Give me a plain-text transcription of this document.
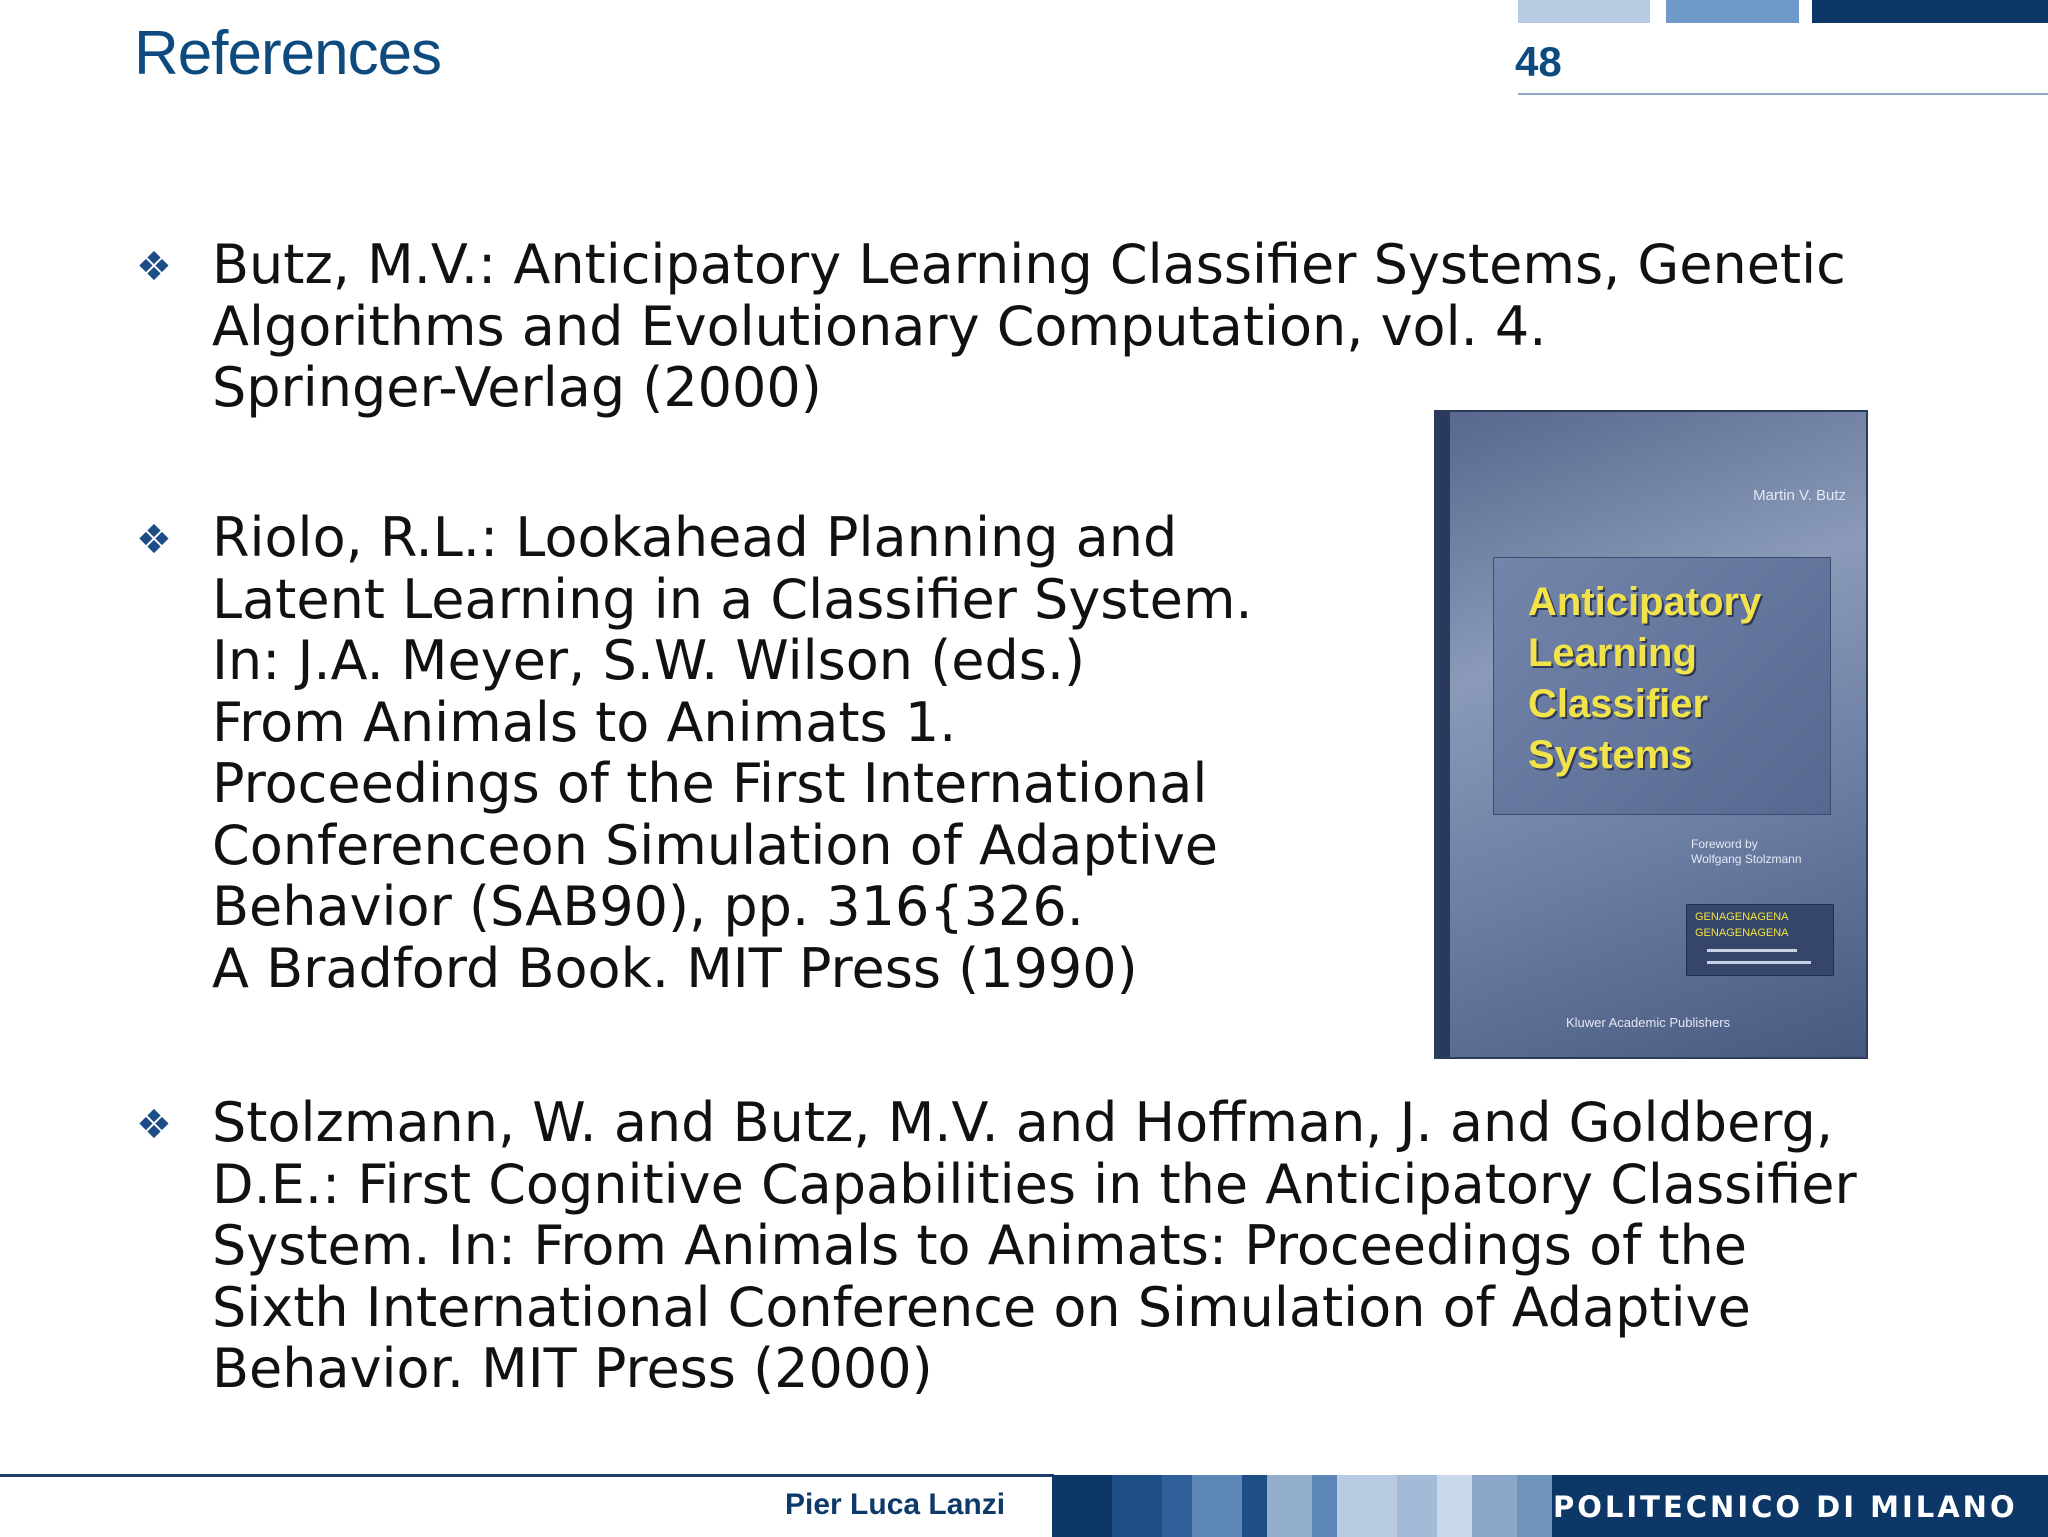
References	48
❖ Butz, M.V.: Anticipatory Learning Classifier Systems, Genetic
Algorithms and Evolutionary Computation, vol. 4.
Springer-Verlag (2000)
❖ Riolo, R.L.: Lookahead Planning and
Latent Learning in a Classifier System.
In: J.A. Meyer, S.W. Wilson (eds.)
From Animals to Animats 1.
Proceedings of the First International
Conferenceon Simulation of Adaptive
Behavior (SAB90), pp. 316{326.
A Bradford Book. MIT Press (1990)
Martin V. Butz
Anticipatory
Learning
Classifier
Systems
Foreword by
Wolfgang Stolzmann
GENAGENAGENA
GENAGENAGENA
Kluwer Academic Publishers
❖ Stolzmann, W. and Butz, M.V. and Hoffman, J. and Goldberg,
D.E.: First Cognitive Capabilities in the Anticipatory Classifier
System. In: From Animals to Animats: Proceedings of the
Sixth International Conference on Simulation of Adaptive
Behavior. MIT Press (2000)
Pier Luca Lanzi	POLITECNICO DI MILANO
